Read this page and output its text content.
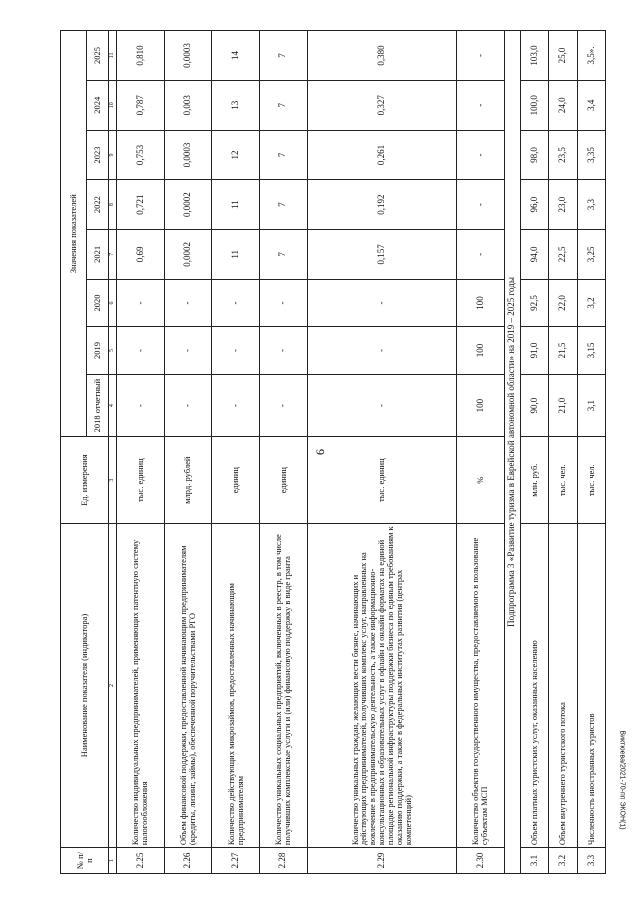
9
Виктюева/2021-70-пп ЭКОН(1)
№ п/п	Наименование показателя (индикатора)	Ед. измерения	Значения показателей							
			2018 отчетный	2019	2020	2021	2022	2023	2024	2025
1	2	3	4	5	6	7	8	9	10	11
2.25	Количество индивидуальных предпринимателей, применяющих патентную систему налогообложения	тыс. единиц	-	-	-	0,69	0,721	0,753	0,787	0,810
2.26	Объем финансовой поддержки, предоставленной начинающим предпринимателям (кредиты, лизинг, займы), обеспеченной поручительствами РГО	млрд. рублей	-	-	-	0,0002	0,0002	0,0003	0,003	0,0003
2.27	Количество действующих микрозаймов, предоставленных начинающим предпринимателям	единиц	-	-	-	11	11	12	13	14
2.28	Количество уникальных социальных предприятий, включенных в реестр, в том числе получивших комплексные услуги и (или) финансовую поддержку в виде гранта	единиц	-	-	-	7	7	7	7	7
2.29	Количество уникальных граждан, желающих вести бизнес, начинающих и действующих предпринимателей, получивших комплекс услуг, направленных на вовлечение в предпринимательскую деятельность, а также информационно-консультационных и образовательных услуг в офлайн и онлайн форматах на единой площадке региональной инфраструктуры поддержки бизнеса по единым требованиям к оказанию поддержки, а также в федеральных институтах развития (центрах компетенций)	тыс. единиц	-	-	-	0,157	0,192	0,261	0,327	0,380
2.30	Количество объектов государственного имущества, предоставляемого в пользование субъектам МСП	%	100	100	100	-	-	-	-	-
Подпрограмма 3 «Развитие туризма в Еврейской автономной области» на 2019 – 2025 годы										
3.1	Объем платных туристских услуг, оказанных населению	млн. руб.	90,0	91,0	92,5	94,0	96,0	98,0	100,0	103,0
3.2	Объем внутреннего туристского потока	тыс. чел.	21,0	21,5	22,0	22,5	23,0	23,5	24,0	25,0
3.3	Численность иностранных туристов	тыс. чел.	3,1	3,15	3,2	3,25	3,3	3,35	3,4	3,5».
